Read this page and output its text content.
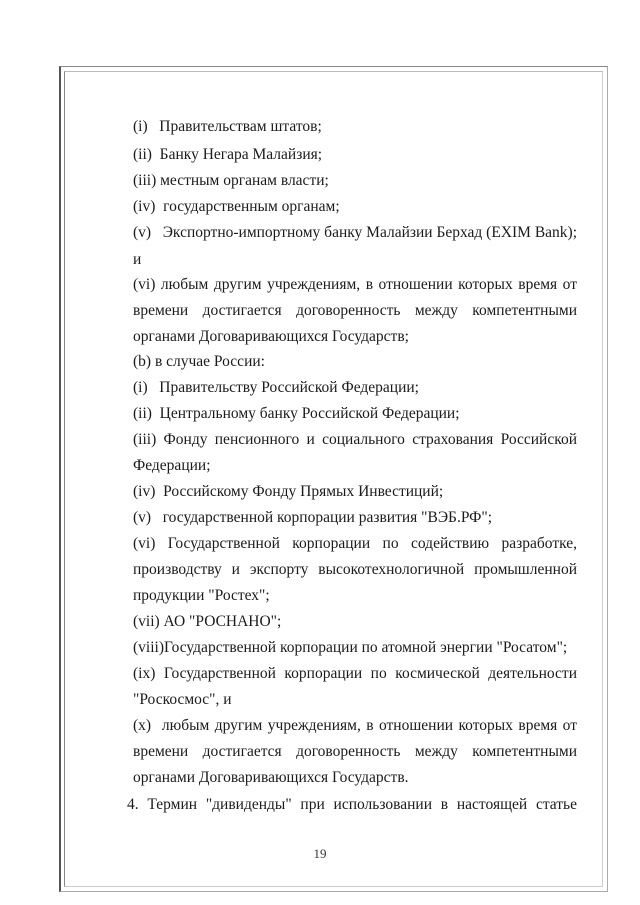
(i)   Правительствам штатов;
(ii)  Банку Негара Малайзия;
(iii) местным органам власти;
(iv)  государственным органам;
(v)   Экспортно-импортному банку Малайзии Берхад (EXIM Bank);
и
(vi) любым другим учреждениям, в отношении которых время от
времени достигается договоренность между компетентными
органами Договаривающихся Государств;
(b) в случае России:
(i)   Правительству Российской Федерации;
(ii)  Центральному банку Российской Федерации;
(iii) Фонду пенсионного и социального страхования Российской
Федерации;
(iv)  Российскому Фонду Прямых Инвестиций;
(v)   государственной корпорации развития "ВЭБ.РФ";
(vi) Государственной корпорации по содействию разработке,
производству и экспорту высокотехнологичной промышленной
продукции "Ростех";
(vii) АО "РОСНАНО";
(viii)Государственной корпорации по атомной энергии "Росатом";
(ix) Государственной корпорации по космической деятельности
"Роскосмос", и
(x)  любым другим учреждениям, в отношении которых время от
времени достигается договоренность между компетентными
органами Договаривающихся Государств.
4. Термин "дивиденды" при использовании в настоящей статье
19
